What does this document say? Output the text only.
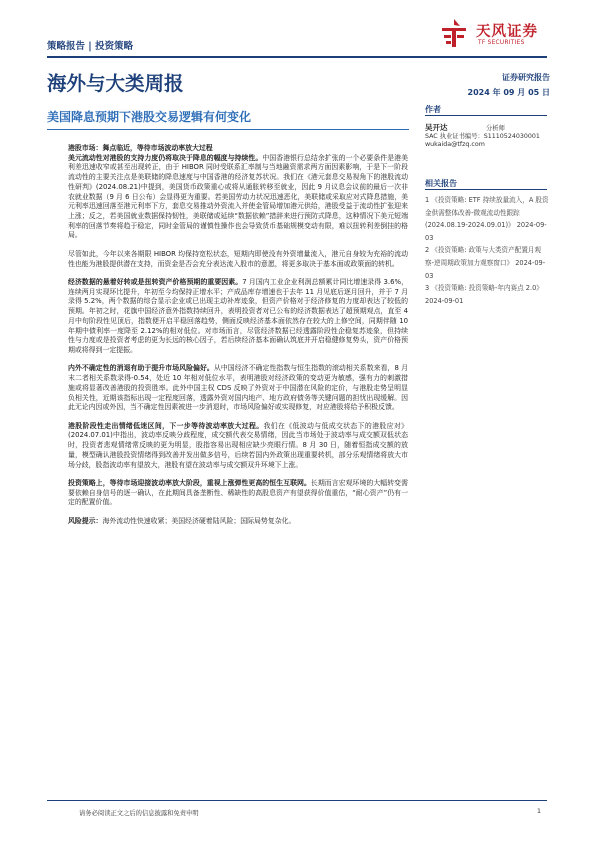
策略报告 | 投资策略
天风证券
TF SECURITIES
海外与大类周报	证券研究报告
2024 年 09 月 05 日
美国降息预期下港股交易逻辑有何变化

港股市场：舞点临近，等待市场波动率放大过程

美元流动性对港股的支持力度仍将取决于降息的幅度与持续性。中国香港银行总结余扩张的一个必要条件是港美利差迅速收窄或甚至出现转正，由于 HIBOR 同时受联系汇率制与当地融资需求两方面因素影响，于是下一阶段流动性的主要关注点是美联储的降息速度与中国香港的经济复苏状况。我们在《港元套息交易视角下的港股流动性研判》(2024.08.21)中提到，美国货币政策重心或将从通胀转移至就业，因此 9 月议息会议前的最后一次非农就业数据（9 月 6 日公布）会显得更为重要。若美国劳动力状况迅速恶化，美联储或采取应对式降息措施，美元利率迅速回落至港元利率下方，套息交易推动外资流入并使金管局增加港元供给，港股受益于流动性扩张迎来上涨；反之，若美国就业数据保持韧性，美联储或延续“数据依赖”措辞来进行预防式降息，这种情况下美元短端利率的回落节奏将趋于稳定，同时金管局的谨慎性操作也会导致货币基础规模变动有限，难以扭转利差倒挂的格局。

尽管如此，今年以来各期限 HIBOR 均保持宽松状态，短期内即使没有外资增量流入，港元自身较为充裕的流动性也能为港股提供潜在支持，而资金是否会充分表达流入股市的意愿，将更多取决于基本面或政策面的转机。

经济数据的悬着好转或是扭转资产价格预期的重要因素。7 月国内工业企业利润总额累计同比增速录得 3.6%，连续两月实现环比提升，年初至今均保持正增水平；产成品库存增速也于去年 11 月见底后逐月回升，并于 7 月录得 5.2%，两个数据的综合显示企业或已出现主动补库迹象，但资产价格对于经济修复的力度却表达了较低的预期。年初之时，花旗中国经济意外指数持续回升，表明投资者对已公布的经济数据表达了超预期观点，直至 4 月中旬阶段性见顶后，指数便开启平稳回落趋势，侧面反映经济基本面依然存在较大的上修空间，同期伴随 10 年期中债利率一度降至 2.12%的相对低位。对市场而言，尽管经济数据已经透露阶段性企稳复苏迹象，但持续性与力度或是投资者考虑的更为长远的核心因子，若后续经济基本面确认筑底并开启稳健修复势头，资产价格预期或将得到一定提振。

内外不确定性的消退有助于提升市场风险偏好。从中国经济不确定性指数与恒生指数的滚动相关系数来看，8 月末二者相关系数录得-0.54，处近 10 年相对低位水平，表明港股对经济政策的变动更为敏感，强有力的刺激措施或将显著改善港股的投资胜率。此外中国主权 CDS 反映了外资对于中国潜在风险的定价，与港股走势呈明显负相关性，近期该指标出现一定程度回落，透露外资对国内地产、地方政府债务等关键问题的担忧出现缓解。因此无论内因或外因，当不确定性因素被进一步消退时，市场风险偏好或实现修复，对应港股将给予积极反馈。

港股阶段性走出情绪低迷区间，下一步等待波动率放大过程。我们在《低波动与低成交状态下的港股应对》(2024.07.01)中指出，波动率反映分歧程度，成交额代表交易情绪，因此当市场处于波动率与成交额双低状态时，投资者悲观情绪常反映的更为明显，股指容易出现相应缺少亮眼行情。8 月 30 日，随着恒指成交额的放量，模型确认港股投资情绪得到改善并发出做多信号，后续若国内外政策出现重要转机，部分乐观情绪将放大市场分歧，股指波动率有望放大，港股有望在波动率与成交额双升环境下上涨。

投资策略上，等待市场迎接波动率放大阶段，重视上涨弹性更高的恒生互联网。长期而言宏观环境的大幅转变需要依赖自身信号的逐一确认，在此期间具备垄断性、稀缺性的高股息资产有望获得价值重估，“耐心资产”仍有一定的配置价值。

风险提示：海外流动性快速收紧；美国经济硬着陆风险；国际局势复杂化。

作者
吴开达	分析师
SAC 执业证书编号：S1110524030001
wukaida@tfzq.com
相关报告
1 《投资策略: ETF 持续放量流入，A 股资金供需整体改善-微观流动性跟踪 (2024.08.19-2024.09.01)》 2024-09-03
2 《投资策略: 政策与大类资产配置月观察-逆周期政策加力观察窗口》 2024-09-03
3 《投资策略: 投资策略-年内赛点 2.0》 2024-09-01
请务必阅读正文之后的信息披露和免责申明	1
